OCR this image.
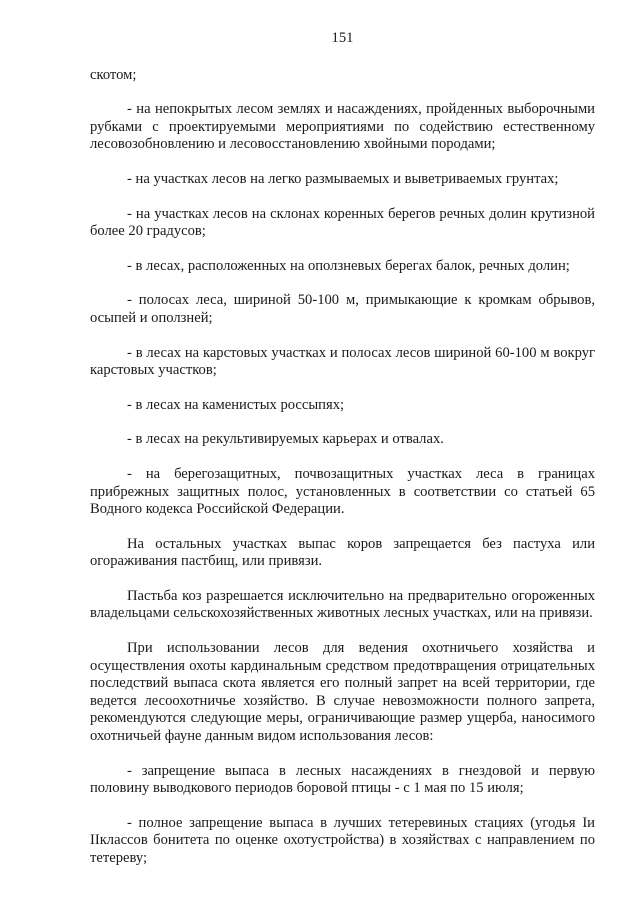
151

скотом;

- на непокрытых лесом землях и насаждениях, пройденных выборочными рубками с проектируемыми мероприятиями по содействию естественному лесовозобновлению и лесовосстановлению хвойными породами;

- на участках лесов на легко размываемых и выветриваемых грунтах;

- на участках лесов на склонах коренных берегов речных долин крутизной более 20 градусов;

- в лесах, расположенных на оползневых берегах балок, речных долин;

- полосах леса, шириной 50-100 м, примыкающие к кромкам обрывов, осыпей и оползней;

- в лесах на карстовых участках и полосах лесов шириной 60-100 м вокруг карстовых участков;

- в лесах на каменистых россыпях;

- в лесах на рекультивируемых карьерах и отвалах.

- на берегозащитных, почвозащитных участках леса в границах прибрежных защитных полос, установленных в соответствии со статьей 65 Водного кодекса Российской Федерации.

На остальных участках выпас коров запрещается без пастуха или огораживания пастбищ, или привязи.

Пастьба коз разрешается исключительно на предварительно огороженных владельцами сельскохозяйственных животных лесных участках, или на привязи.

При использовании лесов для ведения охотничьего хозяйства и осуществления охоты кардинальным средством предотвращения отрицательных последствий выпаса скота является его полный запрет на всей территории, где ведется лесоохотничье хозяйство. В случае невозможности полного запрета, рекомендуются следующие меры, ограничивающие размер ущерба, наносимого охотничьей фауне данным видом использования лесов:

- запрещение выпаса в лесных насаждениях в гнездовой и первую половину выводкового периодов боровой птицы - с 1 мая по 15 июля;

- полное запрещение выпаса в лучших тетеревиных стациях (угодья Iи IIклассов бонитета по оценке охотустройства) в хозяйствах с направлением по тетереву;
